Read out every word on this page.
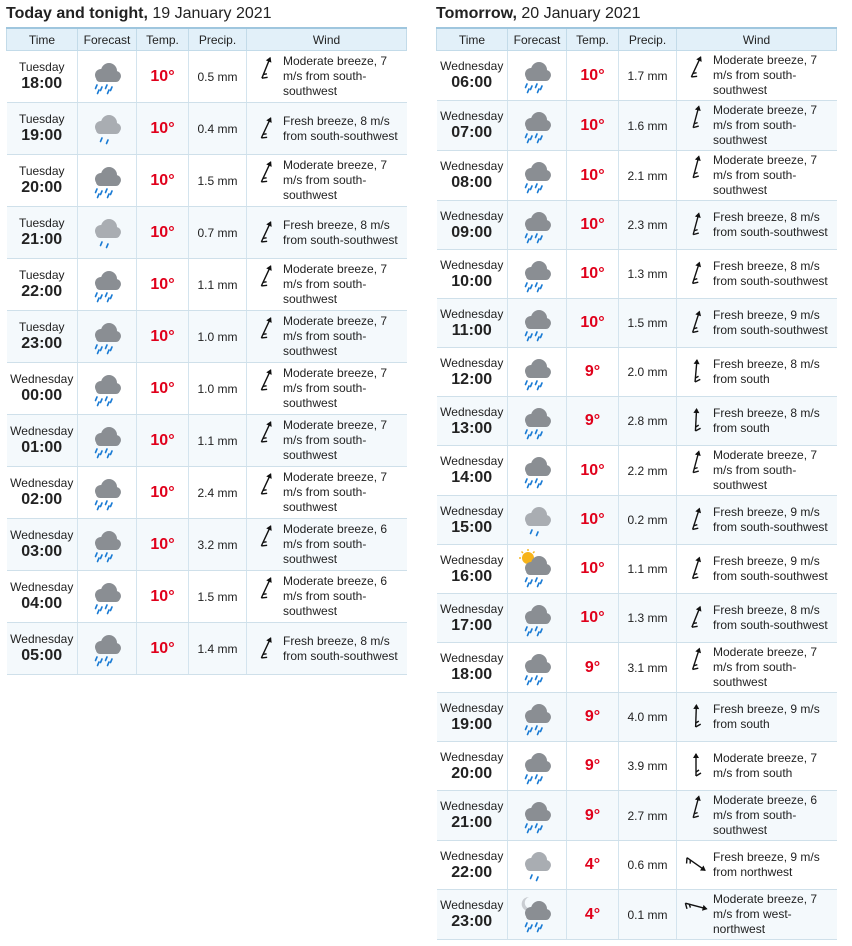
Today and tonight, 19 January 2021
Time	Forecast	Temp.	Precip.	Wind

Tuesday
18:00		10°	0.5 mm	Moderate breeze, 7 m/s from south-southwest

Tuesday
19:00		10°	0.4 mm	Fresh breeze, 8 m/s from south-southwest

Tuesday
20:00		10°	1.5 mm	Moderate breeze, 7 m/s from south-southwest

Tuesday
21:00		10°	0.7 mm	Fresh breeze, 8 m/s from south-southwest

Tuesday
22:00		10°	1.1 mm	Moderate breeze, 7 m/s from south-southwest

Tuesday
23:00		10°	1.0 mm	Moderate breeze, 7 m/s from south-southwest

Wednesday
00:00		10°	1.0 mm	Moderate breeze, 7 m/s from south-southwest

Wednesday
01:00		10°	1.1 mm	Moderate breeze, 7 m/s from south-southwest

Wednesday
02:00		10°	2.4 mm	Moderate breeze, 7 m/s from south-southwest

Wednesday
03:00		10°	3.2 mm	Moderate breeze, 6 m/s from south-southwest

Wednesday
04:00		10°	1.5 mm	Moderate breeze, 6 m/s from south-southwest

Wednesday
05:00		10°	1.4 mm	Fresh breeze, 8 m/s from south-southwest
Tomorrow, 20 January 2021
Time	Forecast	Temp.	Precip.	Wind

Wednesday
06:00		10°	1.7 mm	Moderate breeze, 7 m/s from south-southwest

Wednesday
07:00		10°	1.6 mm	Moderate breeze, 7 m/s from south-southwest

Wednesday
08:00		10°	2.1 mm	Moderate breeze, 7 m/s from south-southwest

Wednesday
09:00		10°	2.3 mm	Fresh breeze, 8 m/s from south-southwest

Wednesday
10:00		10°	1.3 mm	Fresh breeze, 8 m/s from south-southwest

Wednesday
11:00		10°	1.5 mm	Fresh breeze, 9 m/s from south-southwest

Wednesday
12:00		9°	2.0 mm	Fresh breeze, 8 m/s from south

Wednesday
13:00		9°	2.8 mm	Fresh breeze, 8 m/s from south

Wednesday
14:00		10°	2.2 mm	Moderate breeze, 7 m/s from south-southwest

Wednesday
15:00		10°	0.2 mm	Fresh breeze, 9 m/s from south-southwest

Wednesday
16:00		10°	1.1 mm	Fresh breeze, 9 m/s from south-southwest

Wednesday
17:00		10°	1.3 mm	Fresh breeze, 8 m/s from south-southwest

Wednesday
18:00		9°	3.1 mm	Moderate breeze, 7 m/s from south-southwest

Wednesday
19:00		9°	4.0 mm	Fresh breeze, 9 m/s from south

Wednesday
20:00		9°	3.9 mm	Moderate breeze, 7 m/s from south

Wednesday
21:00		9°	2.7 mm	Moderate breeze, 6 m/s from south-southwest

Wednesday
22:00		4°	0.6 mm	Fresh breeze, 9 m/s from northwest

Wednesday
23:00		4°	0.1 mm	Moderate breeze, 7 m/s from west-northwest
